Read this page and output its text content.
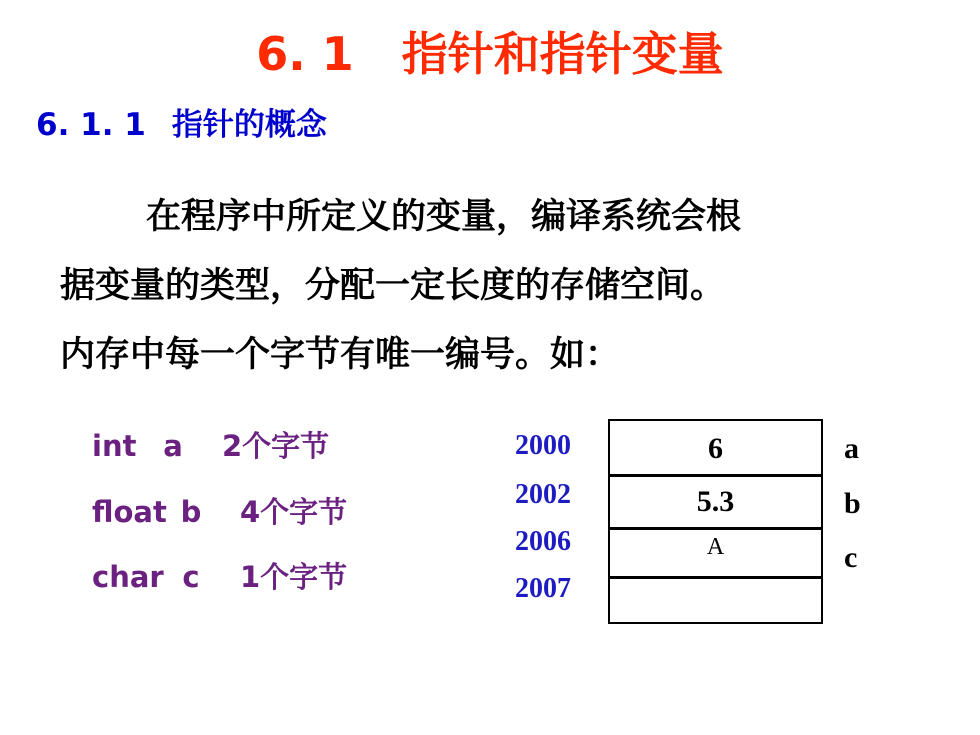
6. 1 指针和指针变量
6. 1. 1 指针的概念
在程序中所定义的变量，编译系统会根
据变量的类型，分配一定长度的存储空间。
内存中每一个字节有唯一编号。如：
int a 2个字节
float b 4个字节
char c 1个字节
2000
2002
2006
2007
6
5.3
A
a
b
c
